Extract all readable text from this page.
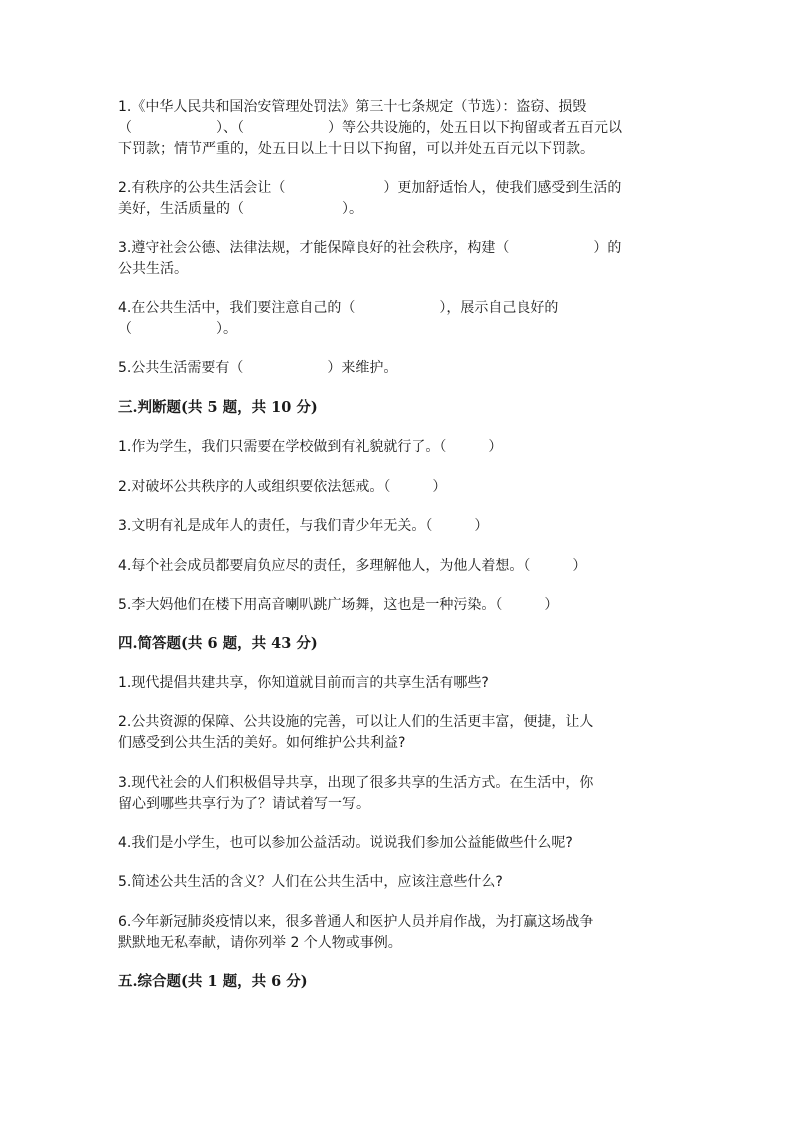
1.《中华人民共和国治安管理处罚法》第三十七条规定（节选）：盗窃、损毁
（　　　　　　）、（　　　　　　）等公共设施的，处五日以下拘留或者五百元以
下罚款；情节严重的，处五日以上十日以下拘留，可以并处五百元以下罚款。
2.有秩序的公共生活会让（　　　　　　　）更加舒适怡人，使我们感受到生活的
美好，生活质量的（　　　　　　　）。
3.遵守社会公德、法律法规，才能保障良好的社会秩序，构建（　　　　　　）的
公共生活。
4.在公共生活中，我们要注意自己的（　　　　　　），展示自己良好的
（　　　　　　）。
5.公共生活需要有（　　　　　　）来维护。
三.判断题(共 5 题，共 10 分)
1.作为学生，我们只需要在学校做到有礼貌就行了。（　　　）
2.对破坏公共秩序的人或组织要依法惩戒。（　　　）
3.文明有礼是成年人的责任，与我们青少年无关。（　　　）
4.每个社会成员都要肩负应尽的责任，多理解他人，为他人着想。（　　　）
5.李大妈他们在楼下用高音喇叭跳广场舞，这也是一种污染。（　　　）
四.简答题(共 6 题，共 43 分)
1.现代提倡共建共享，你知道就目前而言的共享生活有哪些?
2.公共资源的保障、公共设施的完善，可以让人们的生活更丰富，便捷，让人
们感受到公共生活的美好。如何维护公共利益?
3.现代社会的人们积极倡导共享，出现了很多共享的生活方式。在生活中，你
留心到哪些共享行为了？请试着写一写。
4.我们是小学生，也可以参加公益活动。说说我们参加公益能做些什么呢?
5.简述公共生活的含义？人们在公共生活中，应该注意些什么?
6.今年新冠肺炎疫情以来，很多普通人和医护人员并肩作战，为打赢这场战争
默默地无私奉献，请你列举 2 个人物或事例。
五.综合题(共 1 题，共 6 分)
